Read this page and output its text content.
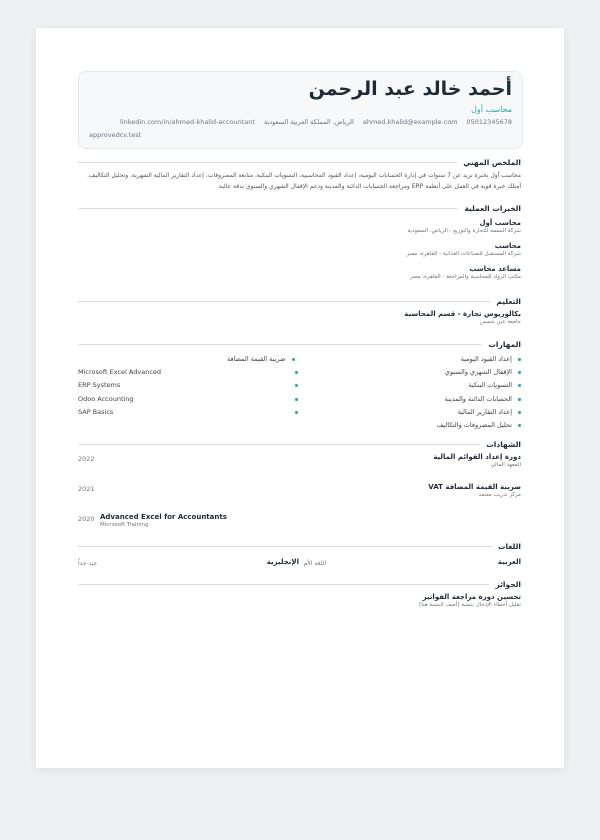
أحمد خالد عبد الرحمن
محاسب أول
05012345678
ahmed.khalid@example.com
الرياض، المملكة العربية السعودية
linkedin.com/in/ahmed-khalid-accountant
approvedcv.test
الملخص المهني
محاسب أول بخبرة تزيد عن 7 سنوات في إدارة الحسابات اليومية، إعداد القيود المحاسبية، التسويات البنكية، متابعة المصروفات، إعداد التقارير المالية الشهرية، وتحليل التكاليف. أمتلك خبرة قوية في العمل على أنظمة ERP ومراجعة الحسابات الدائنة والمدينة ودعم الإقفال الشهري والسنوي بدقة عالية.
الخبرات العملية
محاسب أول
شركة النسمة للتجارة والتوزيع - الرياض، السعودية
محاسب
شركة المستقبل للصناعات الغذائية - القاهرة، مصر
مساعد محاسب
مكتب الرواد للمحاسبة والمراجعة - القاهرة، مصر
التعليم
بكالوريوس تجارة - قسم المحاسبة
جامعة عين شمس
المهارات
إعداد القيود اليومية
ضريبة القيمة المضافة
الإقفال الشهري والسنوي
Microsoft Excel Advanced
التسويات البنكية
ERP Systems
الحسابات الدائنة والمدينة
Odoo Accounting
إعداد التقارير المالية
SAP Basics
تحليل المصروفات والتكاليف
الشهادات
2022	دورة إعداد القوائم المالية
المعهد المالي
2021	ضريبة القيمة المضافة VAT
مركز تدريب معتمد
2020 Advanced Excel for Accountants
Microsoft Training
اللغات
العربية
اللغة الأم
الإنجليزية
جيد جداً
الجوائز
تحسين دورة مراجعة الفواتير
تقليل أخطاء الإدخال بنسبة [أضف النسبة هنا]
